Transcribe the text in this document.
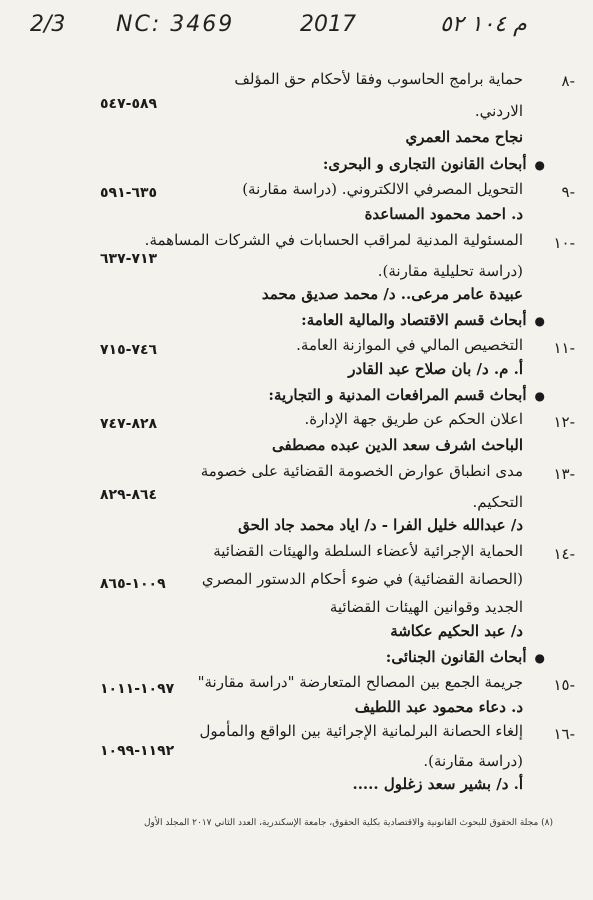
2/3 NC: 3469	2017	م ١٠٤ ٥٢
٨-
حماية برامج الحاسوب وفقا لأحكام حق المؤلف
٥٨٩-٥٤٧	الاردني.
نجاح محمد العمري
●أبحاث القانون التجارى و البحرى:
٩-
التحويل المصرفي الالكتروني. (دراسة مقارنة)
٦٣٥-٥٩١
د. احمد محمود المساعدة
١٠-
المسئولية المدنية لمراقب الحسابات في الشركات المساهمة.
٧١٣-٦٣٧
(دراسة تحليلية مقارنة).
عبيدة عامر مرعى.. د/ محمد صديق محمد
●أبحاث قسم الاقتصاد والمالية العامة:
١١-
التخصيص المالي في الموازنة العامة.
٧٤٦-٧١٥
أ. م. د/ بان صلاح عبد القادر
●أبحاث قسم المرافعات المدنية و التجارية:
١٢-
اعلان الحكم عن طريق جهة الإدارة.
٨٢٨-٧٤٧
الباحث اشرف سعد الدين عبده مصطفى
١٣-
مدى انطباق عوارض الخصومة القضائية على خصومة
٨٦٤-٨٢٩	التحكيم.
د/ عبدالله خليل الفرا - د/ اياد محمد جاد الحق
١٤-
الحماية الإجرائية لأعضاء السلطة والهيئات القضائية
(الحصانة القضائية) في ضوء أحكام الدستور المصري
١٠٠٩-٨٦٥
الجديد وقوانين الهيئات القضائية
د/ عبد الحكيم عكاشة
●أبحاث القانون الجنائى:
١٥-
جريمة الجمع بين المصالح المتعارضة "دراسة مقارنة"
١٠٩٧-١٠١١
د. دعاء محمود عبد اللطيف
١٦-
إلغاء الحصانة البرلمانية الإجرائية بين الواقع والمأمول
١١٩٢-١٠٩٩
(دراسة مقارنة).
أ. د/ بشير سعد زغلول .....
(٨) مجلة الحقوق للبحوث القانونية والاقتصادية بكلية الحقوق، جامعة الإسكندرية، العدد الثاني ٢٠١٧ المجلد الأول
